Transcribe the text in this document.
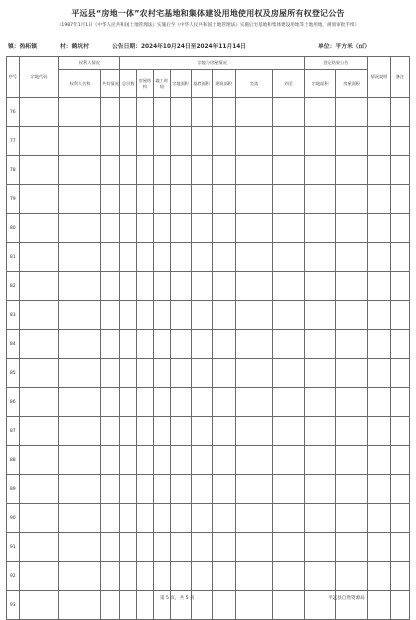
平远县“房地一体”农村宅基地和集体建设用地使用权及房屋所有权登记公告
（1987年1月1日《中华人民共和国土地管理法》实施后至《中华人民共和国土地管理法》实施后宅基地和集体建设用地等土地用地、规划审批手续）
镇：热柘镇	村：鹤坑村	公告日期：2024年10月24日至2024年11月14日	单位：平方米（㎡）
序号	宗地代码	权利人情况		宗地与房屋情况								登记结果公告		情况说明	备注
		权利人名称	共有情况	总层数	房屋结构	竣工时间	宗地面积	基底面积	建筑面积	坐落	四至	宗地面积	房屋面积		
76															
77															
78															
79															
80															
81															
82															
83															
84															
85															
86															
87															
88															
89															
90															
91															
92															
93															
第 5 页，共 5 页	平远县自然资源局
